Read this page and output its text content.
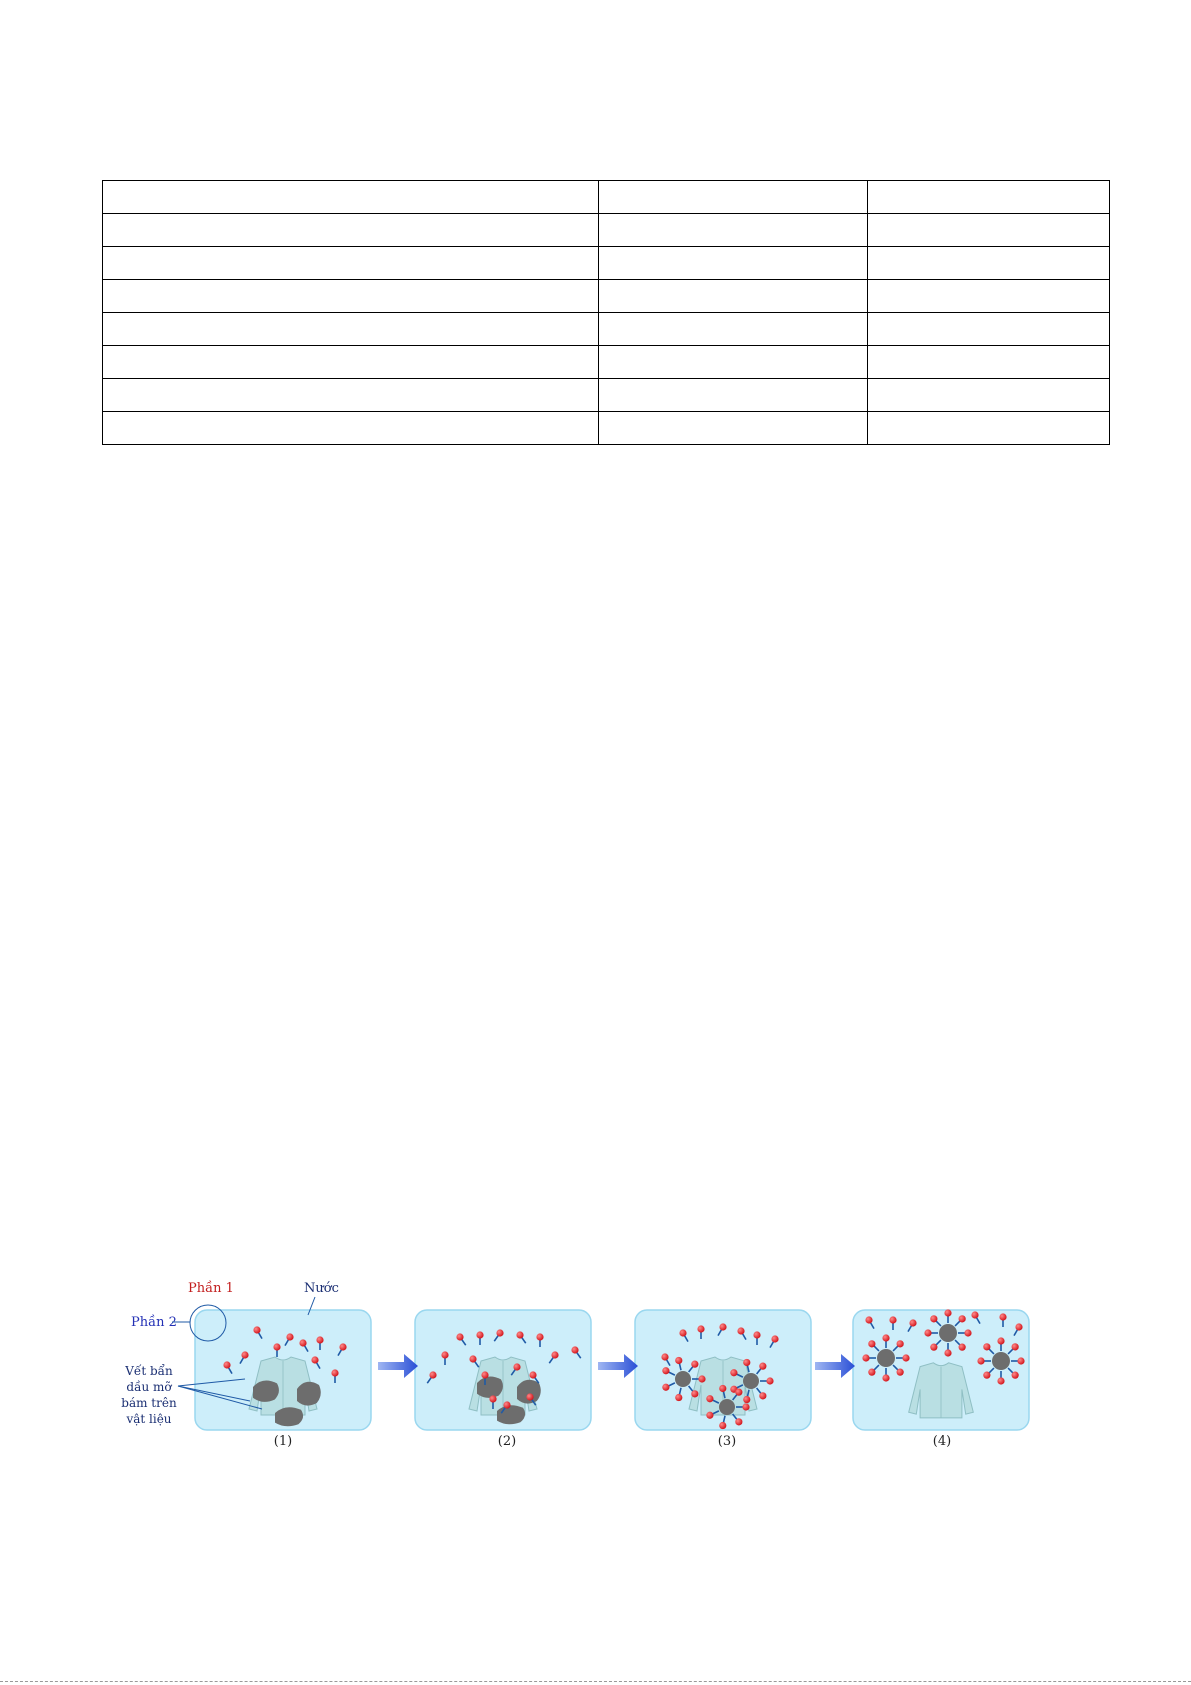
Phần 1
Phần 2
Nước
Vết bẩn
dầu mỡ
bám trên
vật liệu
(1)	(2)	(3)	(4)
